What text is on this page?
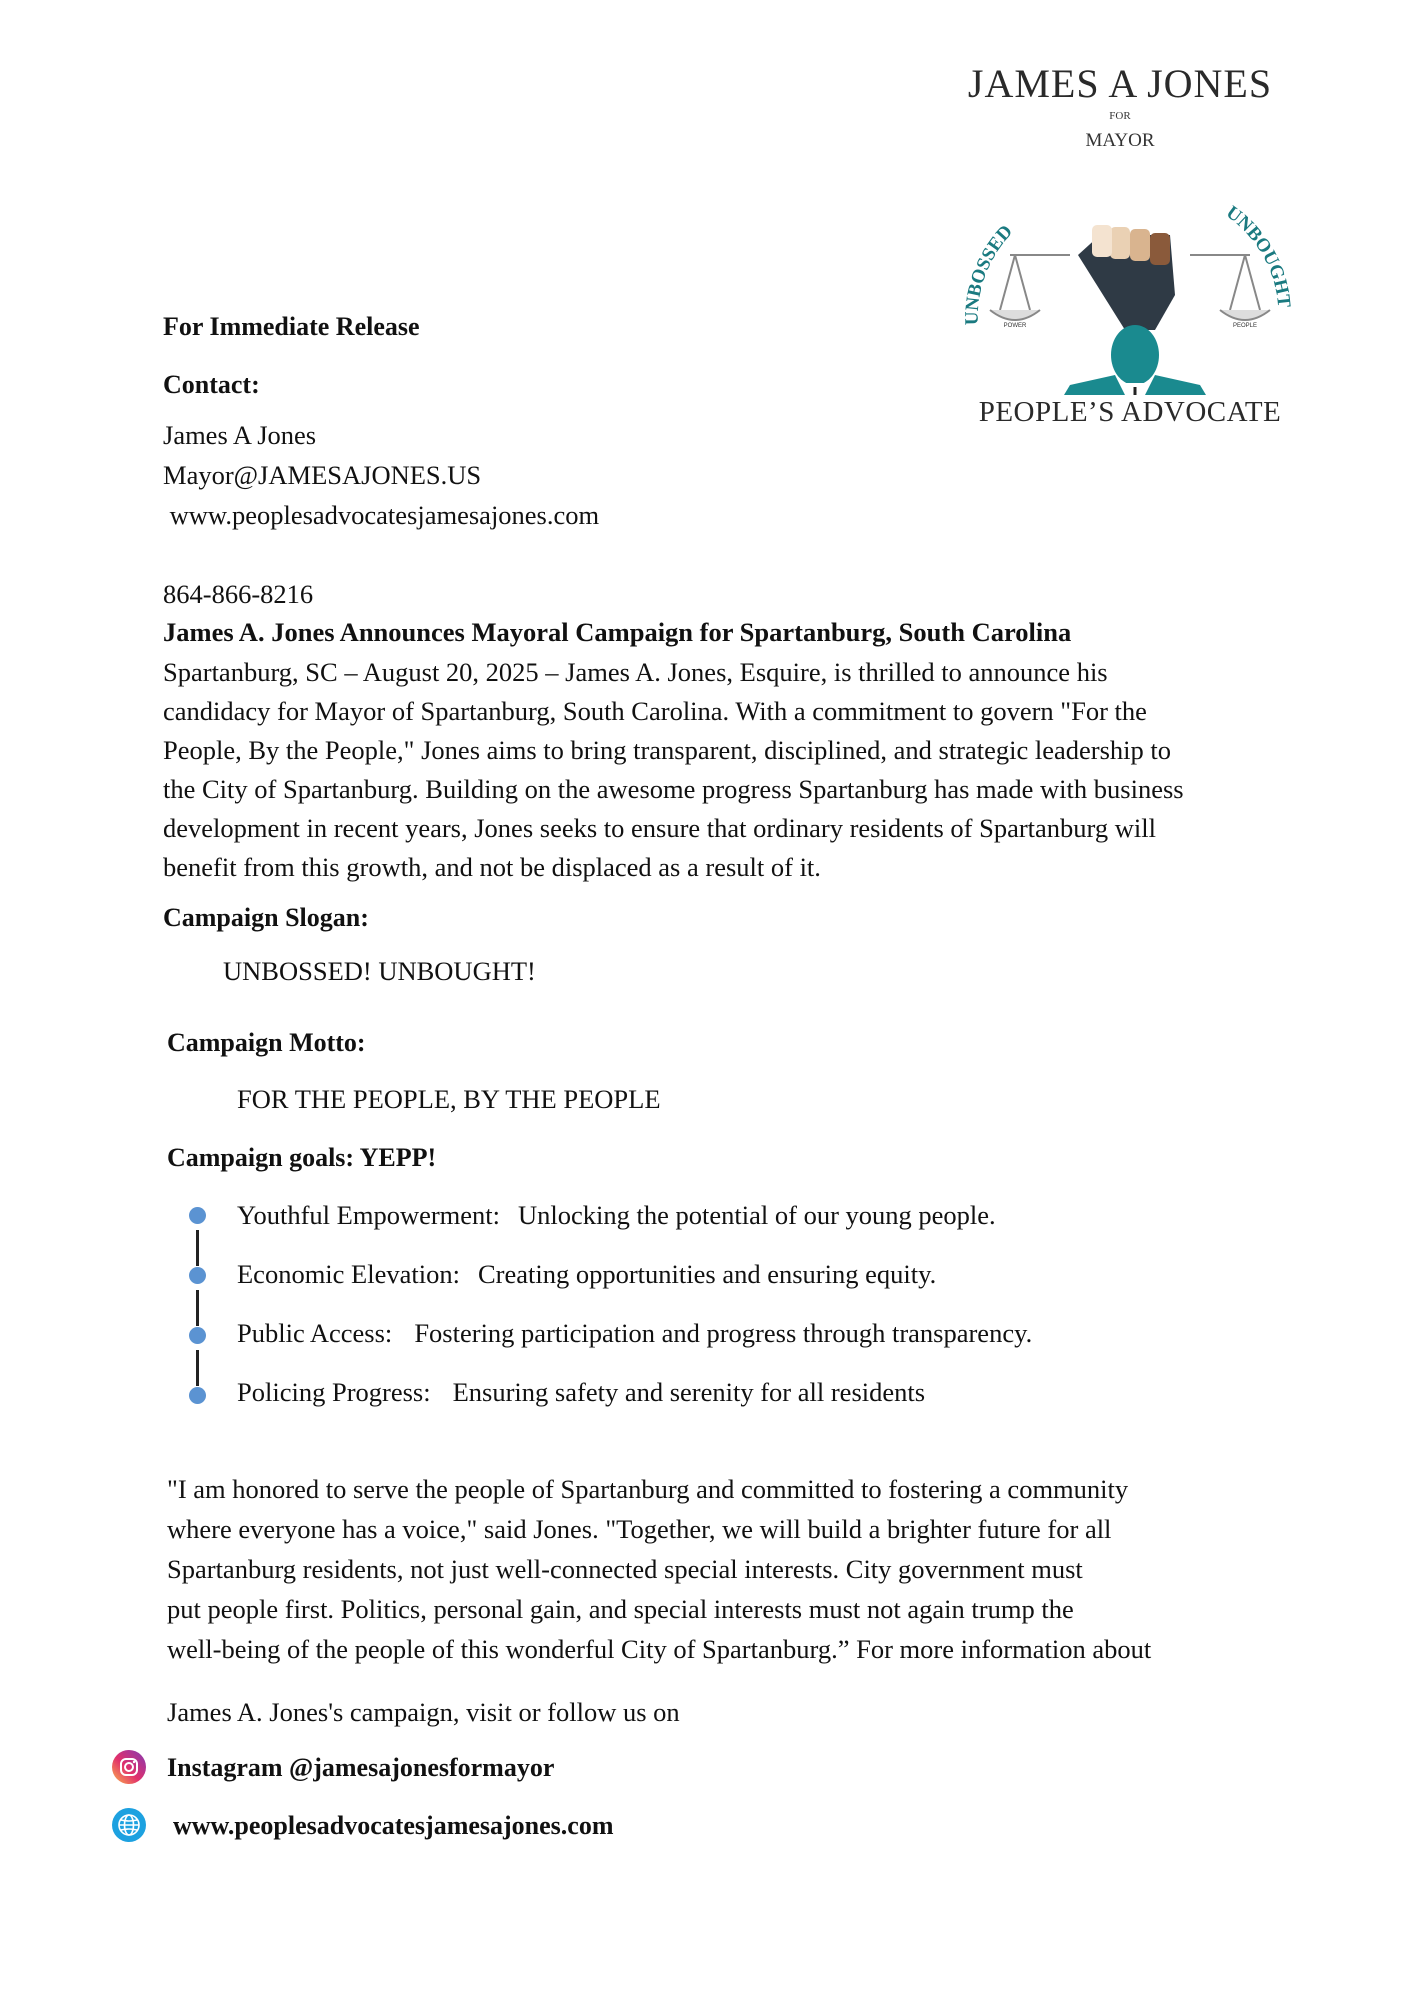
JAMES A JONES
FOR
MAYOR
UNBOSSED
UNBOUGHT
POWER	PEOPLE
PEOPLE’S ADVOCATE
For Immediate Release
Contact:
James A Jones
Mayor@JAMESAJONES.US
www.peoplesadvocatesjamesajones.com
864-866-8216
James A. Jones Announces Mayoral Campaign for Spartanburg, South Carolina
Spartanburg, SC – August 20, 2025 – James A. Jones, Esquire, is thrilled to announce his
candidacy for Mayor of Spartanburg, South Carolina. With a commitment to govern "For the
People, By the People," Jones aims to bring transparent, disciplined, and strategic leadership to
the City of Spartanburg. Building on the awesome progress Spartanburg has made with business
development in recent years, Jones seeks to ensure that ordinary residents of Spartanburg will
benefit from this growth, and not be displaced as a result of it.
Campaign Slogan:
UNBOSSED! UNBOUGHT!
Campaign Motto:
FOR THE PEOPLE, BY THE PEOPLE
Campaign goals: YEPP!
Youthful Empowerment: Unlocking the potential of our young people.
Economic Elevation: Creating opportunities and ensuring equity.
Public Access: Fostering participation and progress through transparency.
Policing Progress: Ensuring safety and serenity for all residents
"I am honored to serve the people of Spartanburg and committed to fostering a community
where everyone has a voice," said Jones. "Together, we will build a brighter future for all
Spartanburg residents, not just well-connected special interests. City government must
put people first. Politics, personal gain, and special interests must not again trump the
well-being of the people of this wonderful City of Spartanburg.” For more information about
James A. Jones's campaign, visit or follow us on
Instagram @jamesajonesformayor
www.peoplesadvocatesjamesajones.com
